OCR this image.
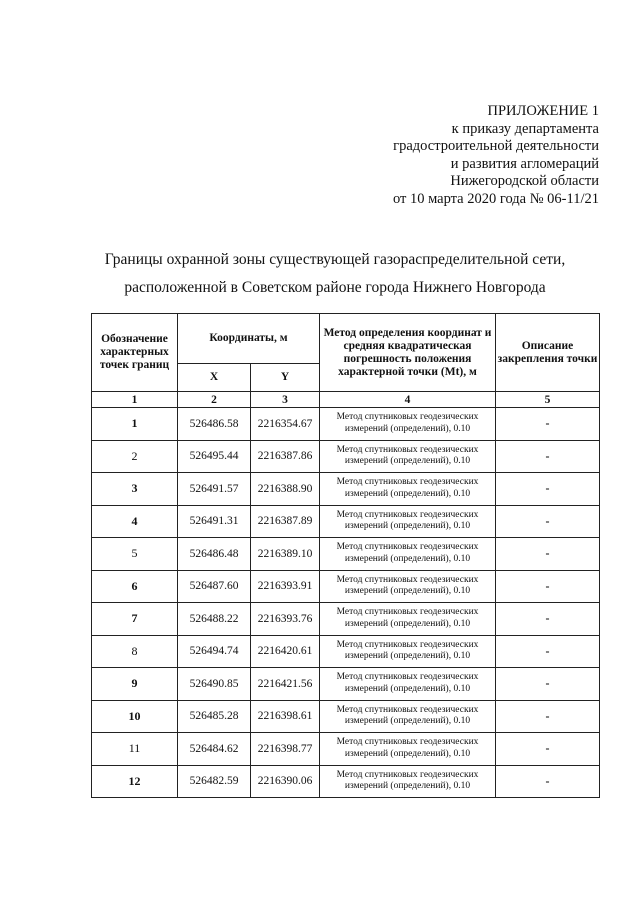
ПРИЛОЖЕНИЕ 1
к приказу департамента
градостроительной деятельности
и развития агломераций
Нижегородской области
от 10 марта 2020 года № 06-11/21
Границы охранной зоны существующей газораспределительной сети,
расположенной в Советском районе города Нижнего Новгорода
Обозначение характерных точек границ	Координаты, м		Метод определения координат и средняя квадратическая погрешность положения характерной точки (Mt), м	Описание закрепления точки
	X	Y		
1	2	3	4	5
1	526486.58	2216354.67	Метод спутниковых геодезических измерений (определений), 0.10	-
2	526495.44	2216387.86	Метод спутниковых геодезических измерений (определений), 0.10	-
3	526491.57	2216388.90	Метод спутниковых геодезических измерений (определений), 0.10	-
4	526491.31	2216387.89	Метод спутниковых геодезических измерений (определений), 0.10	-
5	526486.48	2216389.10	Метод спутниковых геодезических измерений (определений), 0.10	-
6	526487.60	2216393.91	Метод спутниковых геодезических измерений (определений), 0.10	-
7	526488.22	2216393.76	Метод спутниковых геодезических измерений (определений), 0.10	-
8	526494.74	2216420.61	Метод спутниковых геодезических измерений (определений), 0.10	-
9	526490.85	2216421.56	Метод спутниковых геодезических измерений (определений), 0.10	-
10	526485.28	2216398.61	Метод спутниковых геодезических измерений (определений), 0.10	-
11	526484.62	2216398.77	Метод спутниковых геодезических измерений (определений), 0.10	-
12	526482.59	2216390.06	Метод спутниковых геодезических измерений (определений), 0.10	-
